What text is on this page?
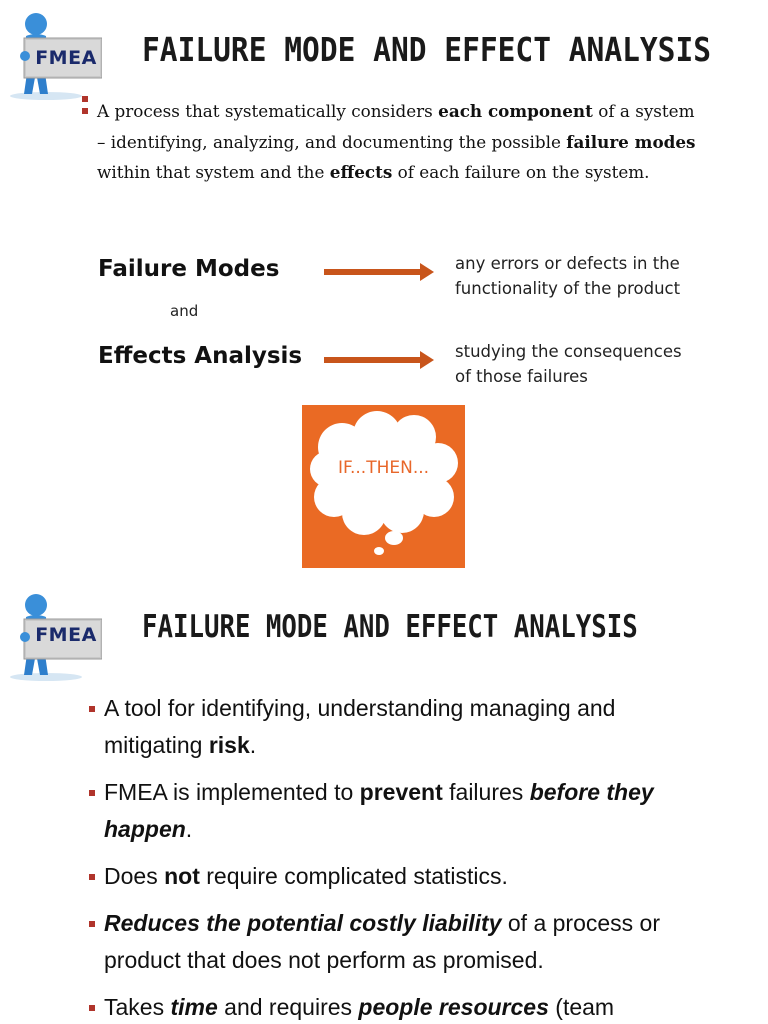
FMEA FAILURE MODE AND EFFECT ANALYSIS
A process that systematically considers each component of a system – identifying, analyzing, and documenting the possible failure modes within that system and the effects of each failure on the system.
Failure Modes	any errors or defects in the
functionality of the product
and
Effects Analysis	studying the consequences
of those failures
IF...THEN...
FMEA FAILURE MODE AND EFFECT ANALYSIS
A tool for identifying, understanding managing and mitigating risk.
FMEA is implemented to prevent failures before they happen.
Does not require complicated statistics.
Reduces the potential costly liability of a process or product that does not perform as promised.
Takes time and requires people resources (team
